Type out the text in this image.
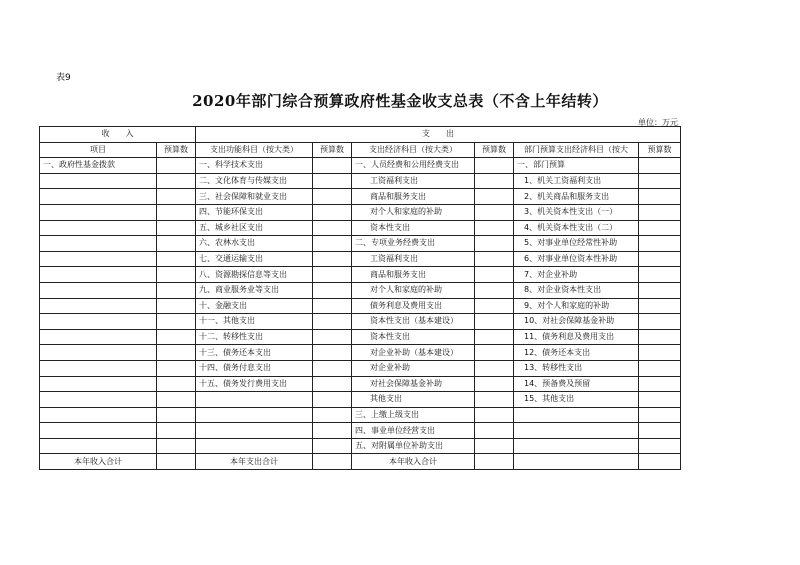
表9
2020年部门综合预算政府性基金收支总表（不含上年结转）
单位：万元
收　　入		支　　出					
项目	预算数	支出功能科目（按大类）	预算数	支出经济科目（按大类）	预算数	部门预算支出经济科目（按大	预算数
一、政府性基金拨款		一、科学技术支出		一、人员经费和公用经费支出		一、部门预算	
		二、文化体育与传媒支出		工资福利支出		1、机关工资福利支出	
		三、社会保障和就业支出		商品和服务支出		2、机关商品和服务支出	
		四、节能环保支出		对个人和家庭的补助		3、机关资本性支出（一）	
		五、城乡社区支出		资本性支出		4、机关资本性支出（二）	
		六、农林水支出		二、专项业务经费支出		5、对事业单位经常性补助	
		七、交通运输支出		工资福利支出		6、对事业单位资本性补助	
		八、资源勘探信息等支出		商品和服务支出		7、对企业补助	
		九、商业服务业等支出		对个人和家庭的补助		8、对企业资本性支出	
		十、金融支出		债务利息及费用支出		9、对个人和家庭的补助	
		十一、其他支出		资本性支出（基本建设）		10、对社会保障基金补助	
		十二、转移性支出		资本性支出		11、债务利息及费用支出	
		十三、债务还本支出		对企业补助（基本建设）		12、债务还本支出	
		十四、债务付息支出		对企业补助		13、转移性支出	
		十五、债务发行费用支出		对社会保障基金补助		14、预备费及预留	
				其他支出		15、其他支出	
				三、上缴上级支出			
				四、事业单位经营支出			
				五、对附属单位补助支出			
本年收入合计		本年支出合计		本年收入合计			
